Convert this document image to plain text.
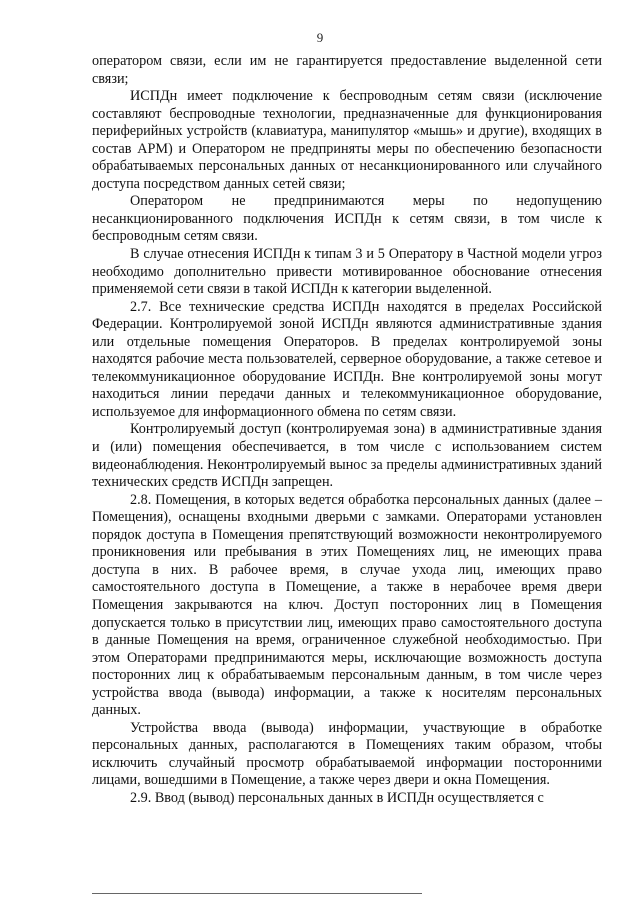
9

оператором связи, если им не гарантируется предоставление выделенной сети связи;

ИСПДн имеет подключение к беспроводным сетям связи (исключение составляют беспроводные технологии, предназначенные для функционирования периферийных устройств (клавиатура, манипулятор «мышь» и другие), входящих в состав АРМ) и Оператором не предприняты меры по обеспечению безопасности обрабатываемых персональных данных от несанкционированного или случайного доступа посредством данных сетей связи;

Оператором не предпринимаются меры по недопущению несанкционированного подключения ИСПДн к сетям связи, в том числе к беспроводным сетям связи.

В случае отнесения ИСПДн к типам 3 и 5 Оператору в Частной модели угроз необходимо дополнительно привести мотивированное обоснование отнесения применяемой сети связи в такой ИСПДн к категории выделенной.

2.7. Все технические средства ИСПДн находятся в пределах Российской Федерации. Контролируемой зоной ИСПДн являются административные здания или отдельные помещения Операторов. В пределах контролируемой зоны находятся рабочие места пользователей, серверное оборудование, а также сетевое и телекоммуникационное оборудование ИСПДн. Вне контролируемой зоны могут находиться линии передачи данных и телекоммуникационное оборудование, используемое для информационного обмена по сетям связи.

Контролируемый доступ (контролируемая зона) в административные здания и (или) помещения обеспечивается, в том числе с использованием систем видеонаблюдения. Неконтролируемый вынос за пределы административных зданий технических средств ИСПДн запрещен.

2.8. Помещения, в которых ведется обработка персональных данных (далее – Помещения), оснащены входными дверьми с замками. Операторами установлен порядок доступа в Помещения препятствующий возможности неконтролируемого проникновения или пребывания в этих Помещениях лиц, не имеющих права доступа в них. В рабочее время, в случае ухода лиц, имеющих право самостоятельного доступа в Помещение, а также в нерабочее время двери Помещения закрываются на ключ. Доступ посторонних лиц в Помещения допускается только в присутствии лиц, имеющих право самостоятельного доступа в данные Помещения на время, ограниченное служебной необходимостью. При этом Операторами предпринимаются меры, исключающие возможность доступа посторонних лиц к обрабатываемым персональным данным, в том числе через устройства ввода (вывода) информации, а также к носителям персональных данных.

Устройства ввода (вывода) информации, участвующие в обработке персональных данных, располагаются в Помещениях таким образом, чтобы исключить случайный просмотр обрабатываемой информации посторонними лицами, вошедшими в Помещение, а также через двери и окна Помещения.

2.9. Ввод (вывод) персональных данных в ИСПДн осуществляется с
